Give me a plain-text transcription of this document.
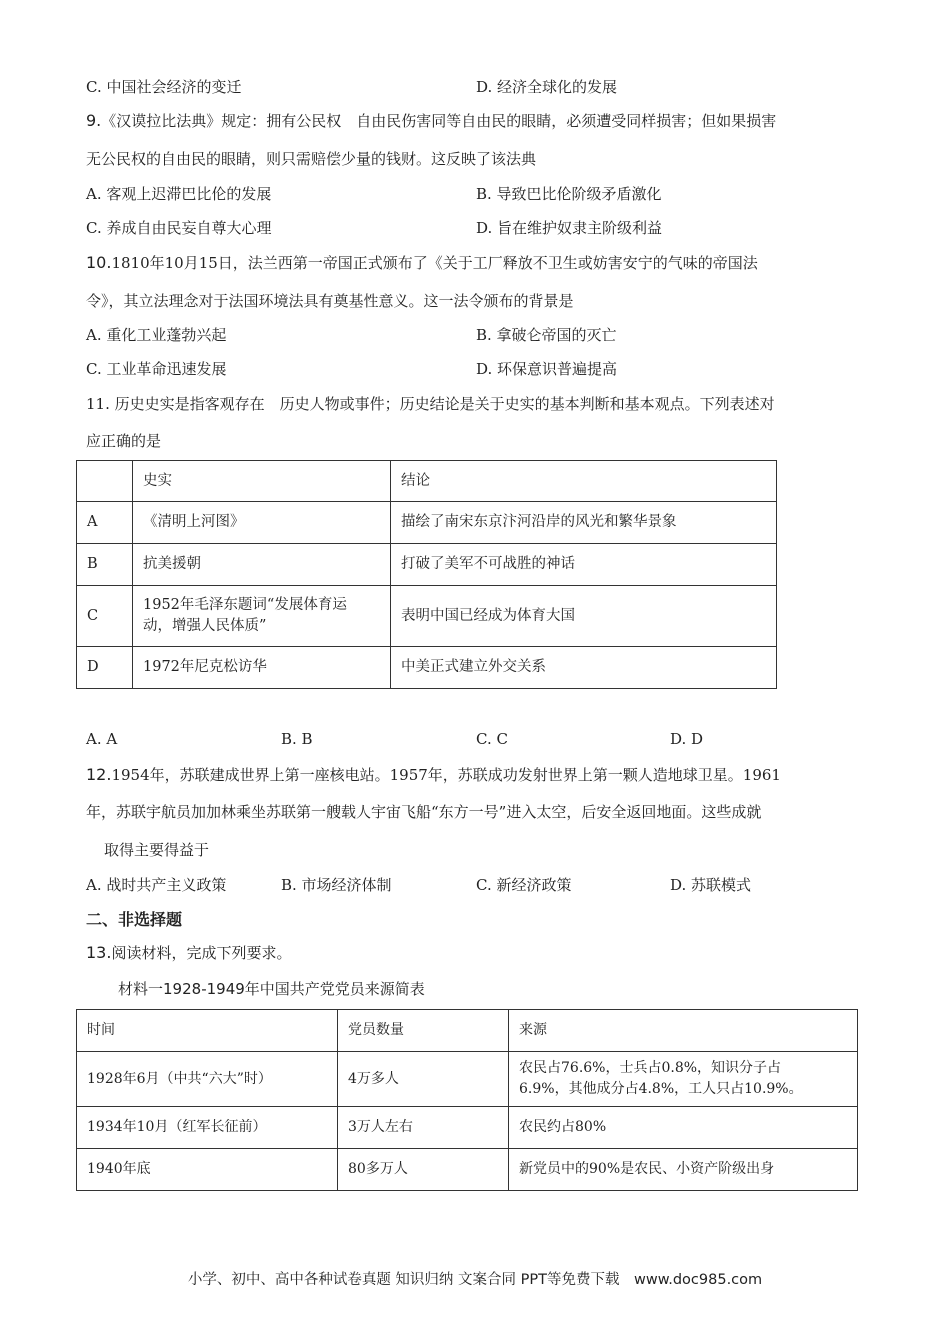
C. 中国社会经济的变迁	D. 经济全球化的发展
9.《汉谟拉比法典》规定：拥有公民权　自由民伤害同等自由民的眼睛，必须遭受同样损害；但如果损害
无公民权的自由民的眼睛，则只需赔偿少量的钱财。这反映了该法典
A. 客观上迟滞巴比伦的发展	B. 导致巴比伦阶级矛盾激化
C. 养成自由民妄自尊大心理	D. 旨在维护奴隶主阶级利益
10.1810年10月15日，法兰西第一帝国正式颁布了《关于工厂释放不卫生或妨害安宁的气味的帝国法
令》，其立法理念对于法国环境法具有奠基性意义。这一法令颁布的背景是
A. 重化工业蓬勃兴起	B. 拿破仑帝国的灭亡
C. 工业革命迅速发展	D. 环保意识普遍提高
11. 历史史实是指客观存在　历史人物或事件；历史结论是关于史实的基本判断和基本观点。下列表述对
应正确的是
	史实	结论
A	《清明上河图》	描绘了南宋东京汴河沿岸的风光和繁华景象
B	抗美援朝	打破了美军不可战胜的神话
C	1952年毛泽东题词“发展体育运
动，增强人民体质”	表明中国已经成为体育大国
D	1972年尼克松访华	中美正式建立外交关系
A. A	B. B	C. C	D. D
12.1954年，苏联建成世界上第一座核电站。1957年，苏联成功发射世界上第一颗人造地球卫星。1961
年，苏联宇航员加加林乘坐苏联第一艘载人宇宙飞船“东方一号”进入太空，后安全返回地面。这些成就
取得主要得益于
A. 战时共产主义政策	B. 市场经济体制	C. 新经济政策	D. 苏联模式
二、非选择题
13.阅读材料，完成下列要求。
材料一1928-1949年中国共产党党员来源简表
时间	党员数量	来源
1928年6月（中共“六大”时）	4万多人	农民占76.6%，士兵占0.8%，知识分子占
6.9%，其他成分占4.8%，工人只占10.9%。

1934年10月（红军长征前）	3万人左右	农民约占80%
1940年底	80多万人	新党员中的90%是农民、小资产阶级出身
小学、初中、高中各种试卷真题 知识归纳 文案合同 PPT等免费下载　www.doc985.com
